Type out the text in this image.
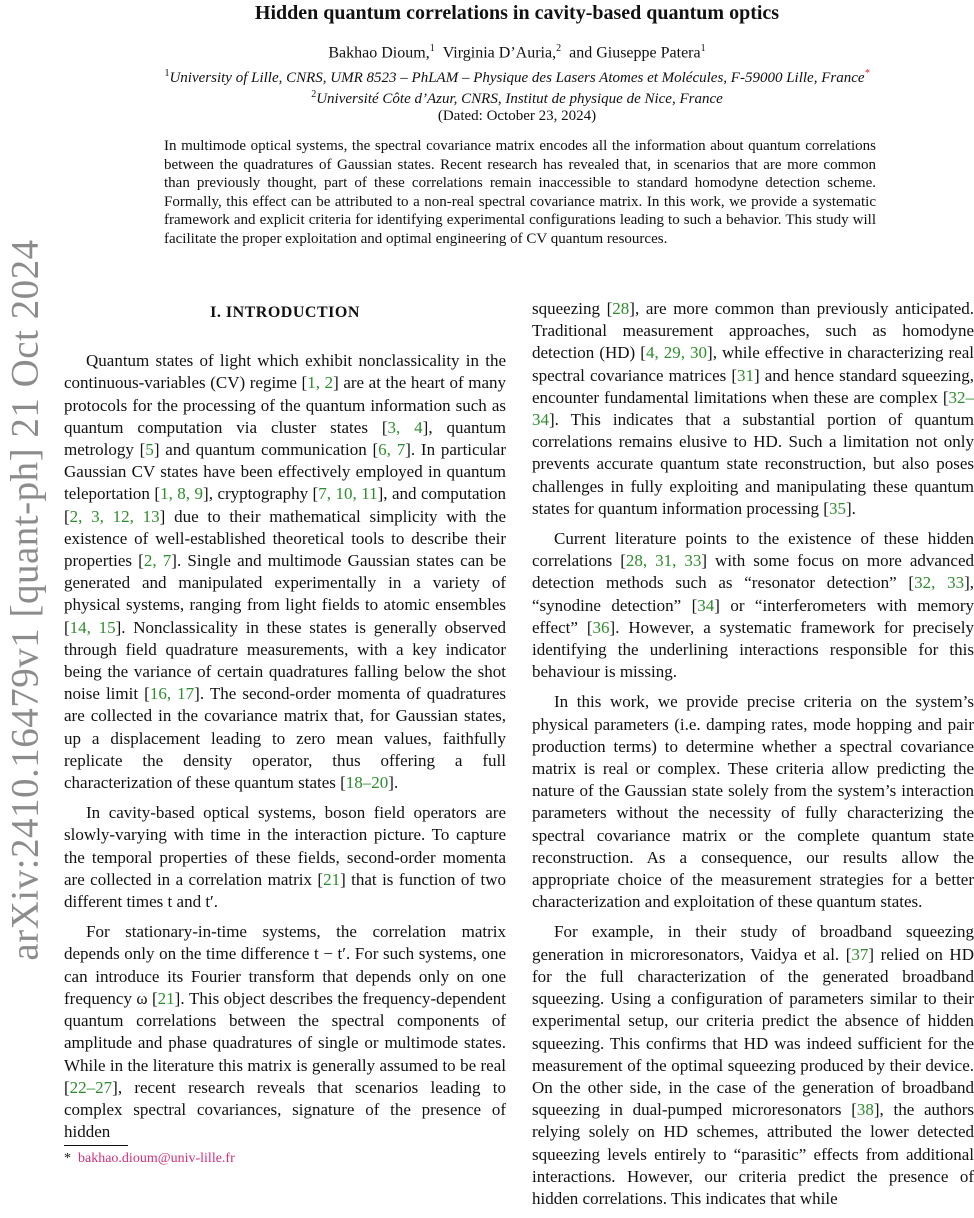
arXiv:2410.16479v1 [quant-ph] 21 Oct 2024
Hidden quantum correlations in cavity-based quantum optics
Bakhao Dioum,$^1$ Virginia D’Auria,$^2$ and Giuseppe Patera$^1$
$^1$University of Lille, CNRS, UMR 8523 – PhLAM – Physique des Lasers Atomes et Molécules, F-59000 Lille, France*
$^2$Université Côte d’Azur, CNRS, Institut de physique de Nice, France
(Dated: October 23, 2024)
In multimode optical systems, the spectral covariance matrix encodes all the information about quantum correlations between the quadratures of Gaussian states. Recent research has revealed that, in scenarios that are more common than previously thought, part of these correlations remain inaccessible to standard homodyne detection scheme. Formally, this effect can be attributed to a non-real spectral covariance matrix. In this work, we provide a systematic framework and explicit criteria for identifying experimental configurations leading to such a behavior. This study will facilitate the proper exploitation and optimal engineering of CV quantum resources.
I. INTRODUCTION

Quantum states of light which exhibit nonclassicality in the continuous-variables (CV) regime [1, 2] are at the heart of many protocols for the processing of the quantum information such as quantum computation via cluster states [3, 4], quantum metrology [5] and quantum communication [6, 7]. In particular Gaussian CV states have been effectively employed in quantum teleportation [1, 8, 9], cryptography [7, 10, 11], and computation [2, 3, 12, 13] due to their mathematical simplicity with the existence of well-established theoretical tools to describe their properties [2, 7]. Single and multimode Gaussian states can be generated and manipulated experimentally in a variety of physical systems, ranging from light fields to atomic ensembles [14, 15]. Nonclassicality in these states is generally observed through field quadrature measurements, with a key indicator being the variance of certain quadratures falling below the shot noise limit [16, 17]. The second-order momenta of quadratures are collected in the covariance matrix that, for Gaussian states, up a displacement leading to zero mean values, faithfully replicate the density operator, thus offering a full characterization of these quantum states [18–20].

In cavity-based optical systems, boson field operators are slowly-varying with time in the interaction picture. To capture the temporal properties of these fields, second-order momenta are collected in a correlation matrix [21] that is function of two different times t and t′.

For stationary-in-time systems, the correlation matrix depends only on the time difference t − t′. For such systems, one can introduce its Fourier transform that depends only on one frequency ω [21]. This object describes the frequency-dependent quantum correlations between the spectral components of amplitude and phase quadratures of single or multimode states. While in the literature this matrix is generally assumed to be real [22–27], recent research reveals that scenarios leading to complex spectral covariances, signature of the presence of hidden

squeezing [28], are more common than previously anticipated. Traditional measurement approaches, such as homodyne detection (HD) [4, 29, 30], while effective in characterizing real spectral covariance matrices [31] and hence standard squeezing, encounter fundamental limitations when these are complex [32–34]. This indicates that a substantial portion of quantum correlations remains elusive to HD. Such a limitation not only prevents accurate quantum state reconstruction, but also poses challenges in fully exploiting and manipulating these quantum states for quantum information processing [35].

Current literature points to the existence of these hidden correlations [28, 31, 33] with some focus on more advanced detection methods such as “resonator detection” [32, 33], “synodine detection” [34] or “interferometers with memory effect” [36]. However, a systematic framework for precisely identifying the underlining interactions responsible for this behaviour is missing.

In this work, we provide precise criteria on the system’s physical parameters (i.e. damping rates, mode hopping and pair production terms) to determine whether a spectral covariance matrix is real or complex. These criteria allow predicting the nature of the Gaussian state solely from the system’s interaction parameters without the necessity of fully characterizing the spectral covariance matrix or the complete quantum state reconstruction. As a consequence, our results allow the appropriate choice of the measurement strategies for a better characterization and exploitation of these quantum states.

For example, in their study of broadband squeezing generation in microresonators, Vaidya et al. [37] relied on HD for the full characterization of the generated broadband squeezing. Using a configuration of parameters similar to their experimental setup, our criteria predict the absence of hidden squeezing. This confirms that HD was indeed sufficient for the measurement of the optimal squeezing produced by their device. On the other side, in the case of the generation of broadband squeezing in dual-pumped microresonators [38], the authors relying solely on HD schemes, attributed the lower detected squeezing levels entirely to “parasitic” effects from additional interactions. However, our criteria predict the presence of hidden correlations. This indicates that while

* bakhao.dioum@univ-lille.fr
